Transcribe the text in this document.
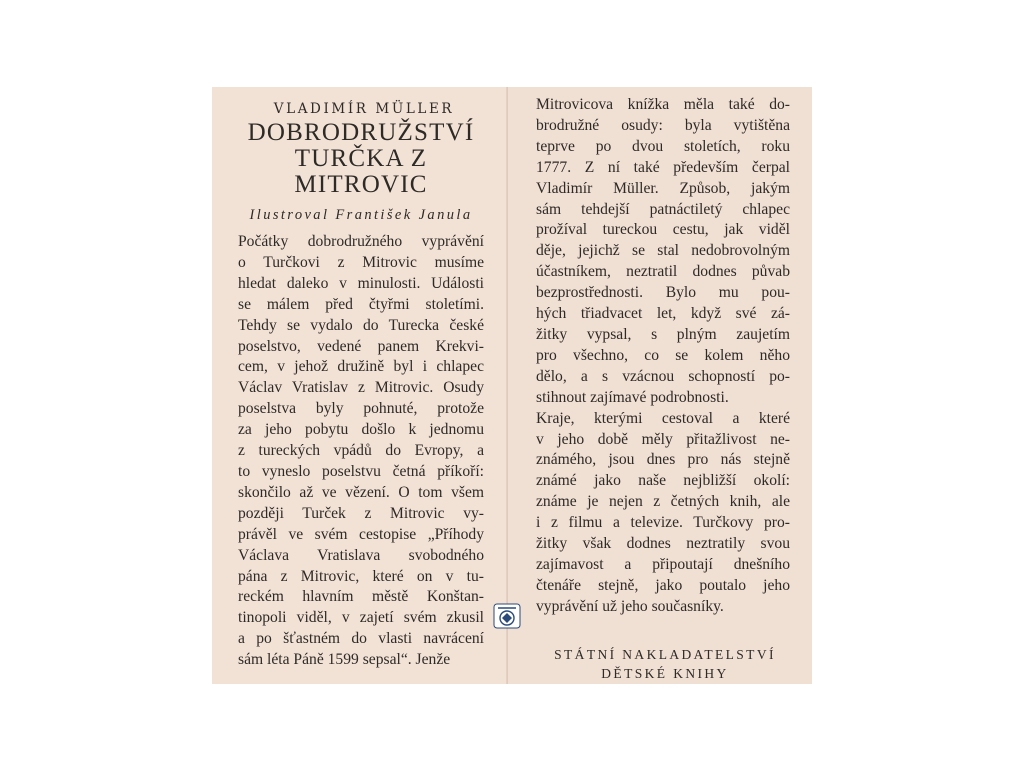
VLADIMÍR MÜLLER

DOBRODRUŽSTVÍ
TURČKA Z MITROVIC

Ilustroval František Janula

Počátky dobrodružného vyprávění
o Turčkovi z Mitrovic musíme
hledat daleko v minulosti. Události
se málem před čtyřmi stoletími.
Tehdy se vydalo do Turecka české
poselstvo, vedené panem Krekvi-
cem, v jehož družině byl i chlapec
Václav Vratislav z Mitrovic. Osudy
poselstva byly pohnuté, protože
za jeho pobytu došlo k jednomu
z tureckých vpádů do Evropy, a
to vyneslo poselstvu četná příkoří:
skončilo až ve vězení. O tom všem
později Turček z Mitrovic vy-
právěl ve svém cestopise „Příhody
Václava Vratislava svobodného
pána z Mitrovic, které on v tu-
reckém hlavním městě Konštan-
tinopoli viděl, v zajetí svém zkusil
a po šťastném do vlasti navrácení
sám léta Páně 1599 sepsal“. Jenže
Mitrovicova knížka měla také do-
brodružné osudy: byla vytištěna
teprve po dvou stoletích, roku
1777. Z ní také především čerpal
Vladimír Müller. Způsob, jakým
sám tehdejší patnáctiletý chlapec
prožíval tureckou cestu, jak viděl
děje, jejichž se stal nedobrovolným
účastníkem, neztratil dodnes půvab
bezprostřednosti. Bylo mu pou-
hých třiadvacet let, když své zá-
žitky vypsal, s plným zaujetím
pro všechno, co se kolem něho
dělo, a s vzácnou schopností po-
stihnout zajímavé podrobnosti.
Kraje, kterými cestoval a které
v jeho době měly přitažlivost ne-
známého, jsou dnes pro nás stejně
známé jako naše nejbližší okolí:
známe je nejen z četných knih, ale
i z filmu a televize. Turčkovy pro-
žitky však dodnes neztratily svou
zajímavost a připoutají dnešního
čtenáře stejně, jako poutalo jeho
vyprávění už jeho současníky.
STÁTNÍ NAKLADATELSTVÍ
DĚTSKÉ KNIHY
